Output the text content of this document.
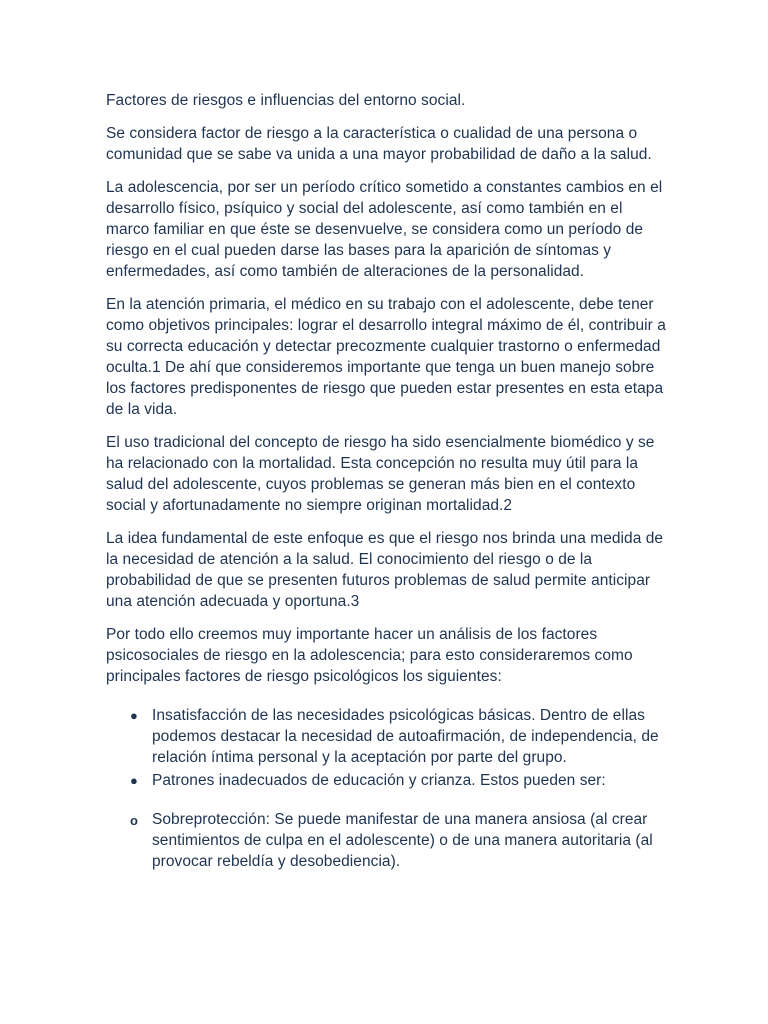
Factores de riesgos e influencias del entorno social.

Se considera factor de riesgo a la característica o cualidad de una persona o comunidad que se sabe va unida a una mayor probabilidad de daño a la salud.

La adolescencia, por ser un período crítico sometido a constantes cambios en el desarrollo físico, psíquico y social del adolescente, así como también en el marco familiar en que éste se desenvuelve, se considera como un período de riesgo en el cual pueden darse las bases para la aparición de síntomas y enfermedades, así como también de alteraciones de la personalidad.

En la atención primaria, el médico en su trabajo con el adolescente, debe tener como objetivos principales: lograr el desarrollo integral máximo de él, contribuir a su correcta educación y detectar precozmente cualquier trastorno o enfermedad oculta.1 De ahí que consideremos importante que tenga un buen manejo sobre los factores predisponentes de riesgo que pueden estar presentes en esta etapa de la vida.

El uso tradicional del concepto de riesgo ha sido esencialmente biomédico y se ha relacionado con la mortalidad. Esta concepción no resulta muy útil para la salud del adolescente, cuyos problemas se generan más bien en el contexto social y afortunadamente no siempre originan mortalidad.2

La idea fundamental de este enfoque es que el riesgo nos brinda una medida de la necesidad de atención a la salud. El conocimiento del riesgo o de la probabilidad de que se presenten futuros problemas de salud permite anticipar una atención adecuada y oportuna.3

Por todo ello creemos muy importante hacer un análisis de los factores psicosociales de riesgo en la adolescencia; para esto consideraremos como principales factores de riesgo psicológicos los siguientes:

● Insatisfacción de las necesidades psicológicas básicas. Dentro de ellas podemos destacar la necesidad de autoafirmación, de independencia, de relación íntima personal y la aceptación por parte del grupo.
● Patrones inadecuados de educación y crianza. Estos pueden ser:
o Sobreprotección: Se puede manifestar de una manera ansiosa (al crear sentimientos de culpa en el adolescente) o de una manera autoritaria (al provocar rebeldía y desobediencia).
